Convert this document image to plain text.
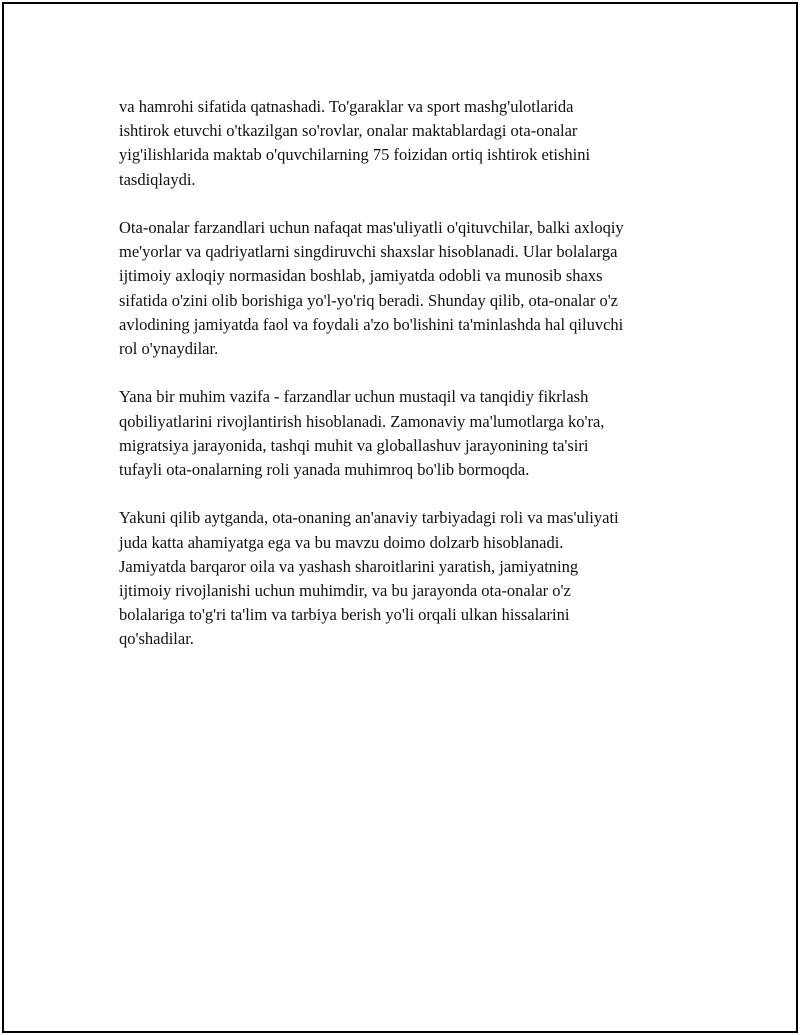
va hamrohi sifatida qatnashadi. To'garaklar va sport mashg'ulotlarida
ishtirok etuvchi o'tkazilgan so'rovlar, onalar maktablardagi ota-onalar
yig'ilishlarida maktab o'quvchilarning 75 foizidan ortiq ishtirok etishini
tasdiqlaydi.

Ota-onalar farzandlari uchun nafaqat mas'uliyatli o'qituvchilar, balki axloqiy
me'yorlar va qadriyatlarni singdiruvchi shaxslar hisoblanadi. Ular bolalarga
ijtimoiy axloqiy normasidan boshlab, jamiyatda odobli va munosib shaxs
sifatida o'zini olib borishiga yo'l-yo'riq beradi. Shunday qilib, ota-onalar o'z
avlodining jamiyatda faol va foydali a'zo bo'lishini ta'minlashda hal qiluvchi
rol o'ynaydilar.

Yana bir muhim vazifa - farzandlar uchun mustaqil va tanqidiy fikrlash
qobiliyatlarini rivojlantirish hisoblanadi. Zamonaviy ma'lumotlarga ko'ra,
migratsiya jarayonida, tashqi muhit va globallashuv jarayonining ta'siri
tufayli ota-onalarning roli yanada muhimroq bo'lib bormoqda.

Yakuni qilib aytganda, ota-onaning an'anaviy tarbiyadagi roli va mas'uliyati
juda katta ahamiyatga ega va bu mavzu doimo dolzarb hisoblanadi.
Jamiyatda barqaror oila va yashash sharoitlarini yaratish, jamiyatning
ijtimoiy rivojlanishi uchun muhimdir, va bu jarayonda ota-onalar o'z
bolalariga to'g'ri ta'lim va tarbiya berish yo'li orqali ulkan hissalarini
qo'shadilar.
